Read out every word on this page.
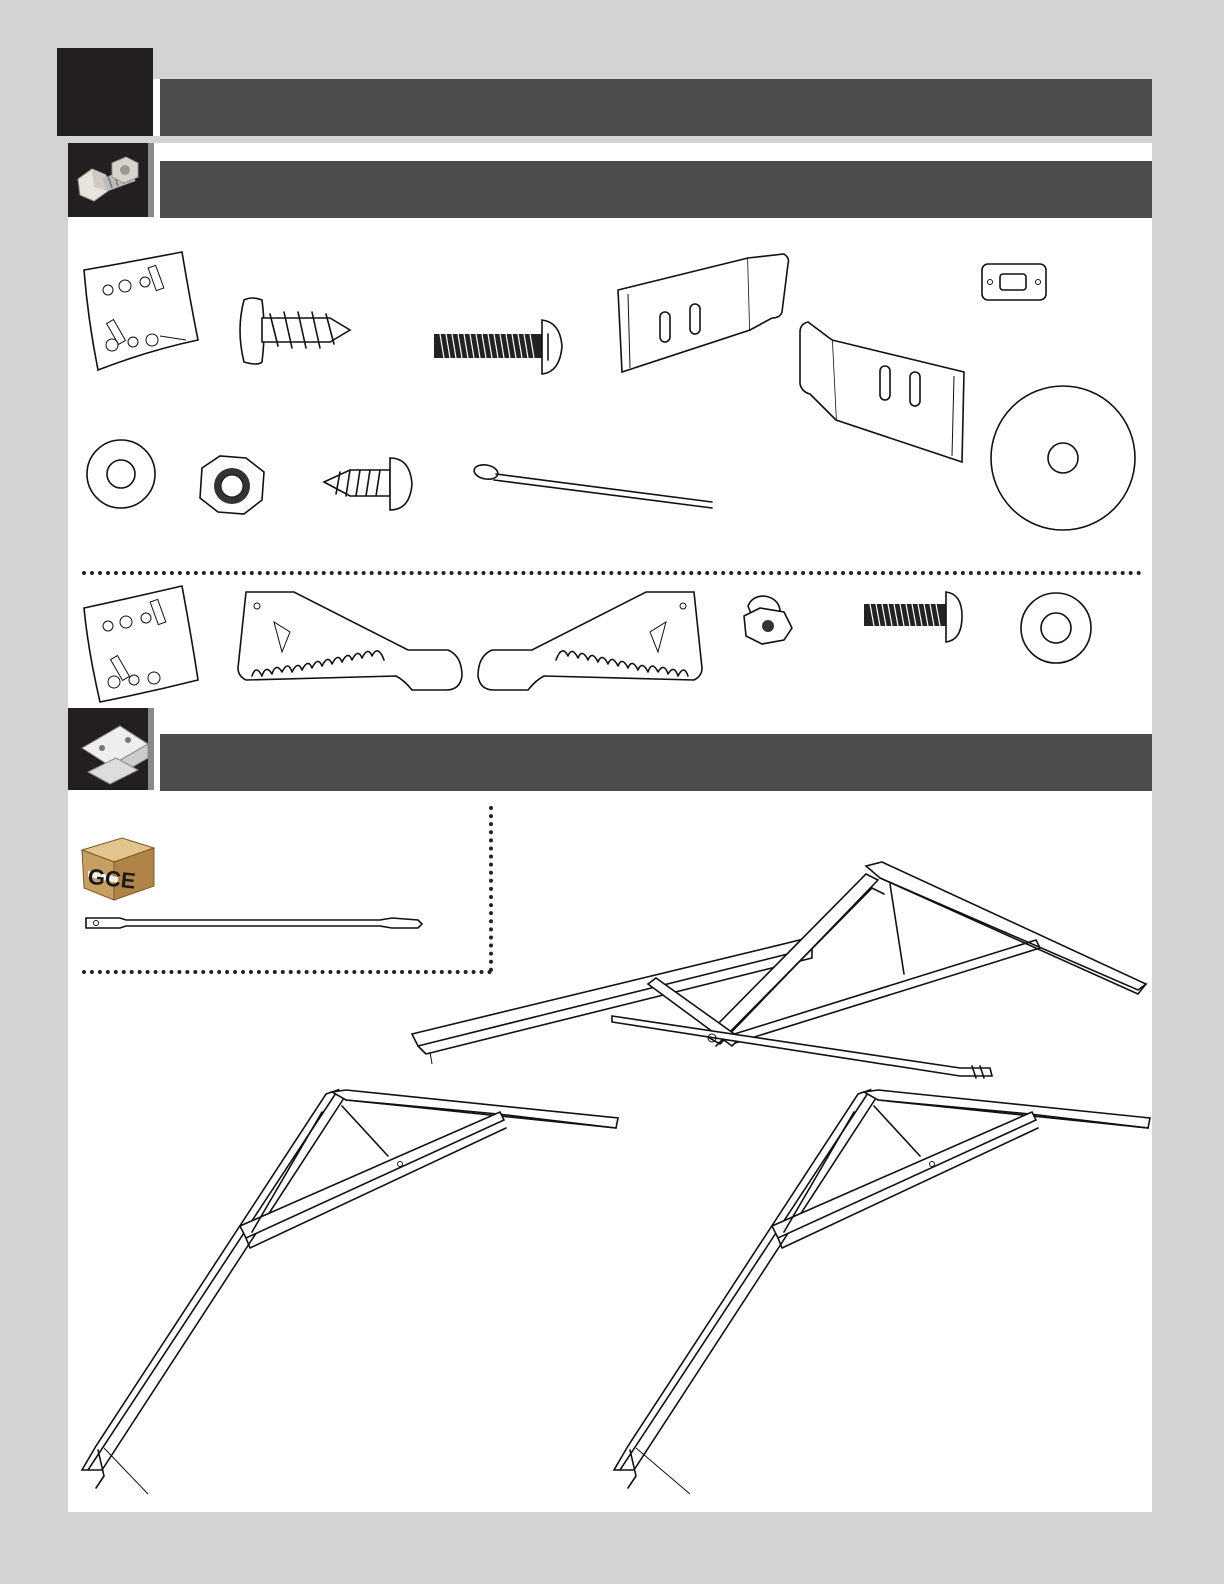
GCE
